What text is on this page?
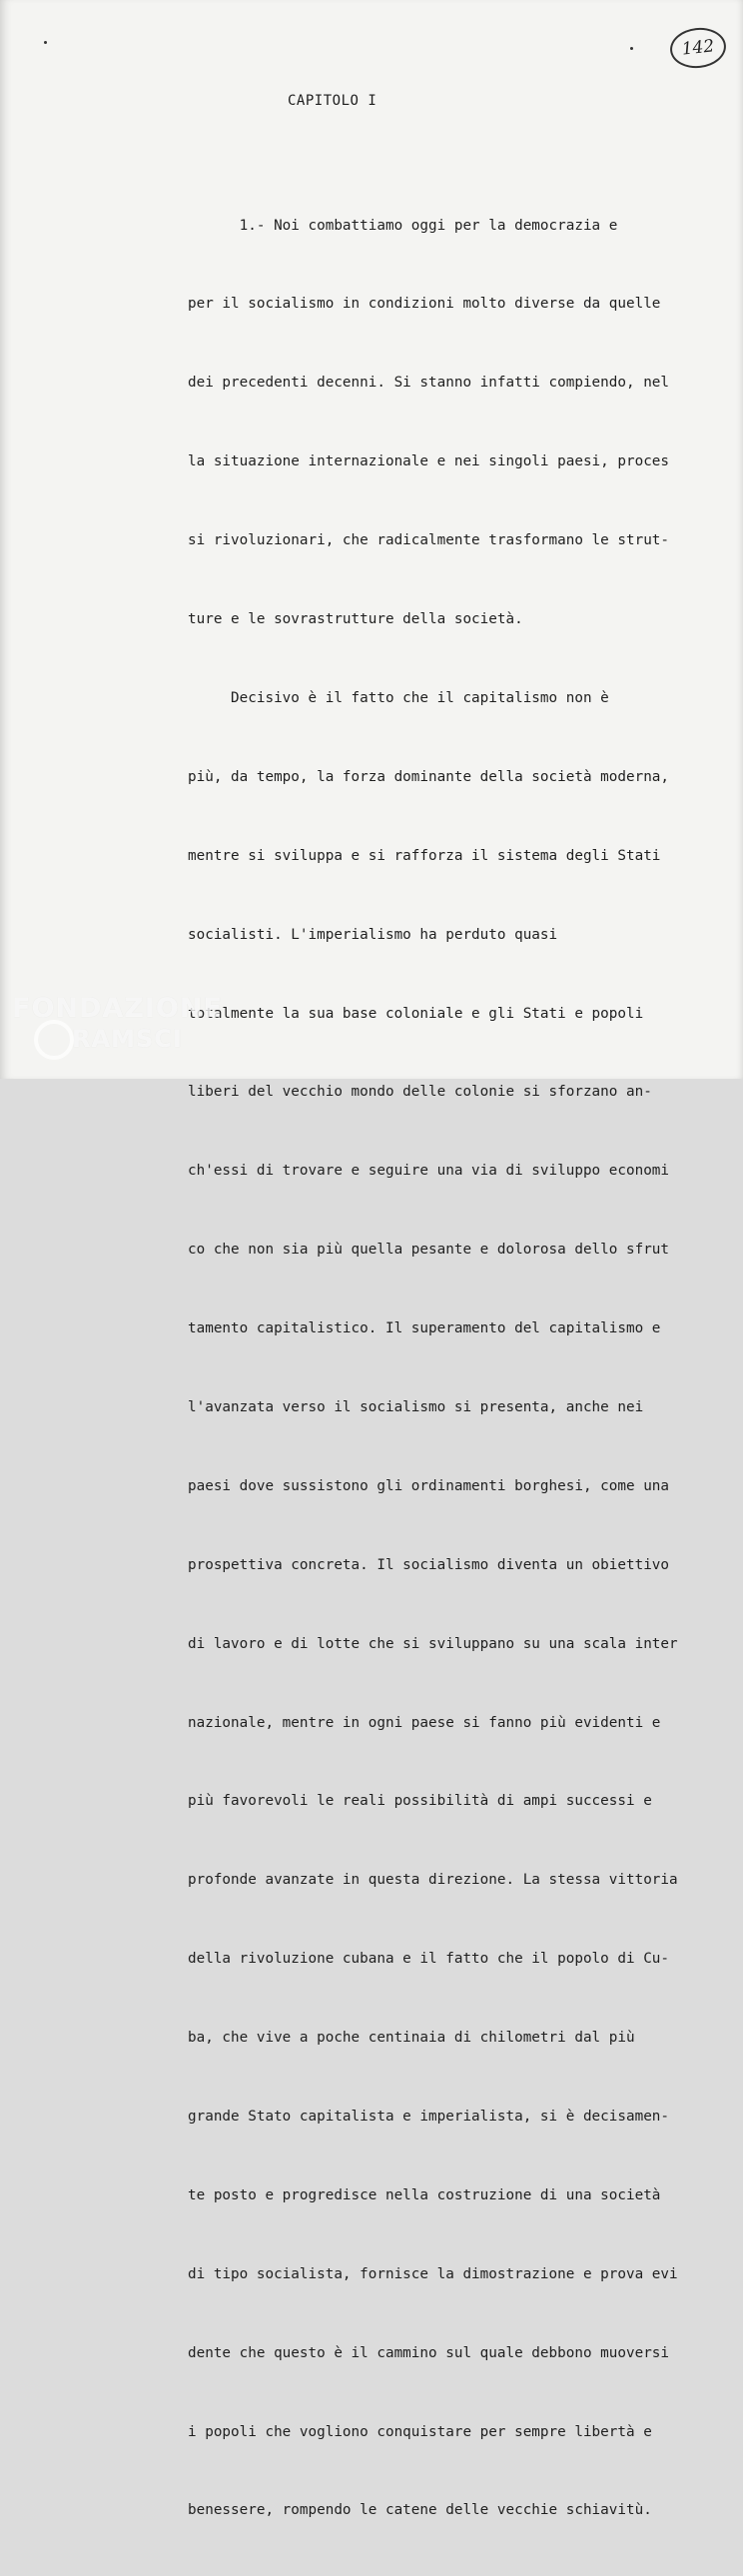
142
CAPITOLO I

1.- Noi combattiamo oggi per la democrazia e

per il socialismo in condizioni molto diverse da quelle

dei precedenti decenni. Si stanno infatti compiendo, nel

la situazione internazionale e nei singoli paesi, proces

si rivoluzionari, che radicalmente trasformano le strut-

ture e le sovrastrutture della società.

Decisivo è il fatto che il capitalismo non è

più, da tempo, la forza dominante della società moderna,

mentre si sviluppa e si rafforza il sistema degli Stati

socialisti. L'imperialismo ha perduto quasi

totalmente la sua base coloniale e gli Stati e popoli

liberi del vecchio mondo delle colonie si sforzano an-

ch'essi di trovare e seguire una via di sviluppo economi

co che non sia più quella pesante e dolorosa dello sfrut

tamento capitalistico. Il superamento del capitalismo e

l'avanzata verso il socialismo si presenta, anche nei

paesi dove sussistono gli ordinamenti borghesi, come una

prospettiva concreta. Il socialismo diventa un obiettivo

di lavoro e di lotte che si sviluppano su una scala inter

nazionale, mentre in ogni paese si fanno più evidenti e

più favorevoli le reali possibilità di ampi successi e

profonde avanzate in questa direzione. La stessa vittoria

della rivoluzione cubana e il fatto che il popolo di Cu-

ba, che vive a poche centinaia di chilometri dal più

grande Stato capitalista e imperialista, si è decisamen-

te posto e progredisce nella costruzione di una società

di tipo socialista, fornisce la dimostrazione e prova evi

dente che questo è il cammino sul quale debbono muoversi

i popoli che vogliono conquistare per sempre libertà e

benessere, rompendo le catene delle vecchie schiavitù.

FONDAZIONE
RAMSCI
